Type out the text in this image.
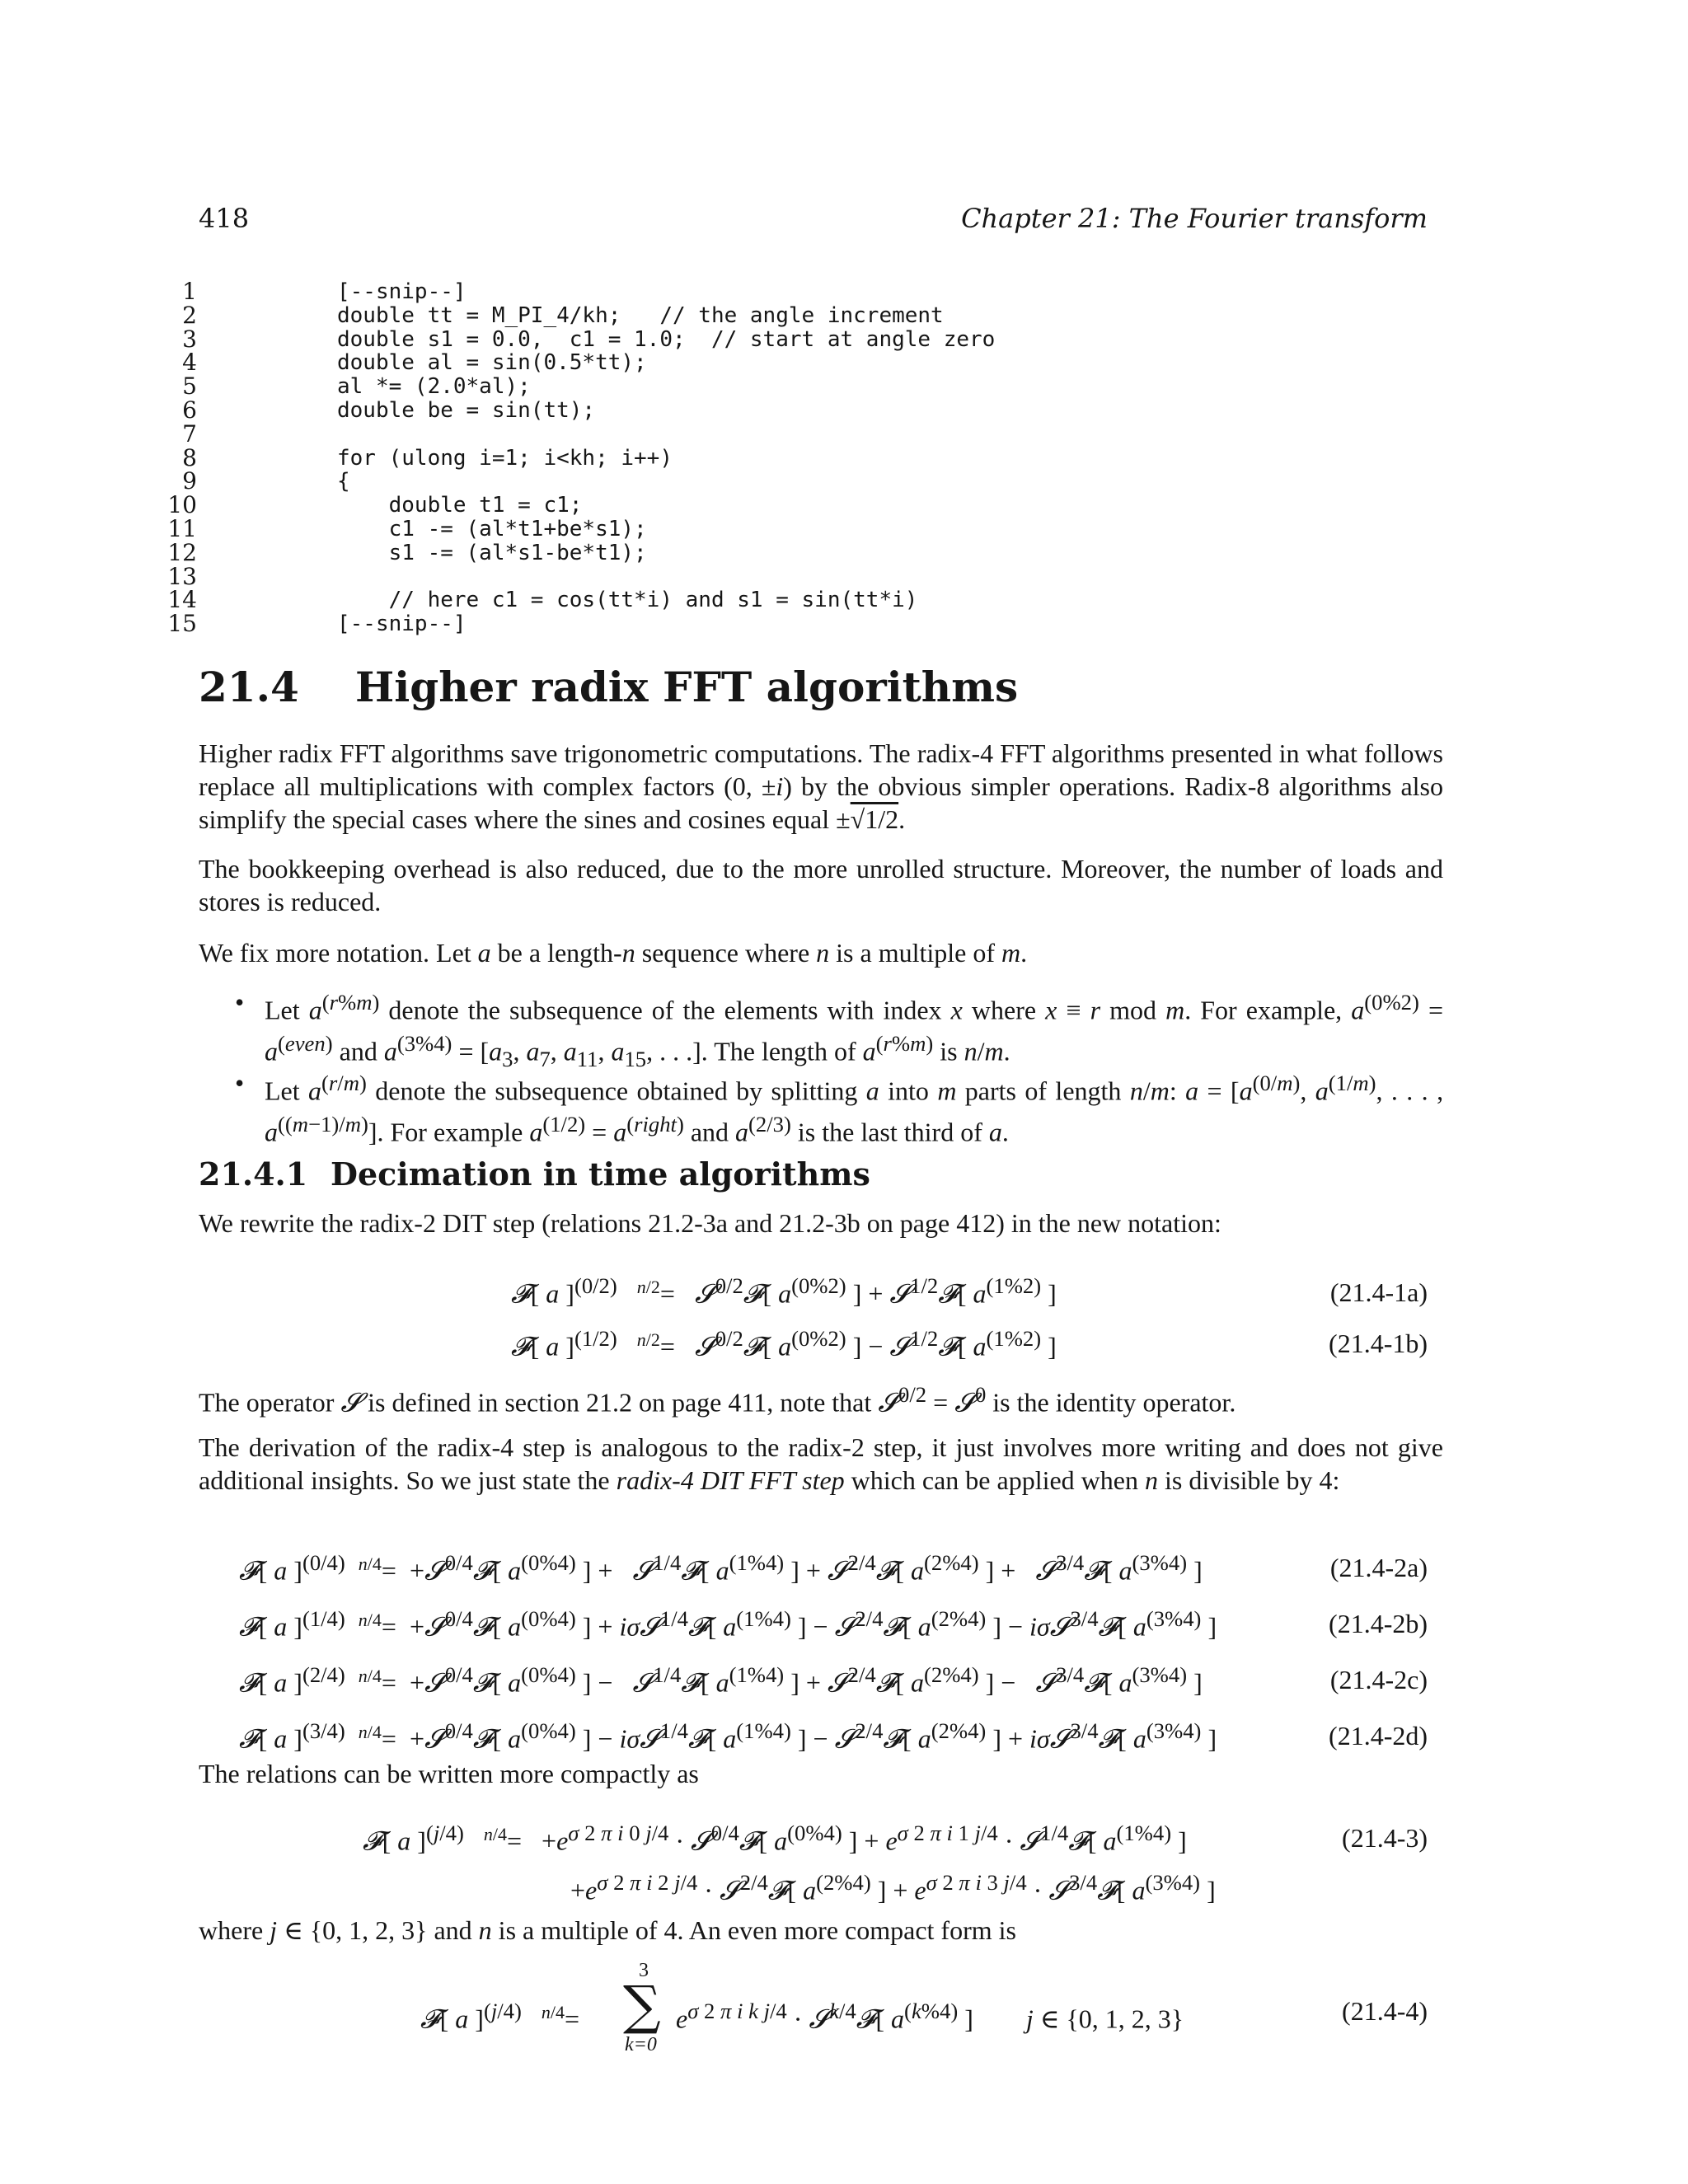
418	Chapter 21: The Fourier transform
1	[--snip--]
2	double tt = M_PI_4/kh;   // the angle increment
3	double s1 = 0.0,  c1 = 1.0;  // start at angle zero
4	double al = sin(0.5*tt);
5	al *= (2.0*al);
6	double be = sin(tt);
7
8	for (ulong i=1; i<kh; i++)
9	{
10	double t1 = c1;
11	c1 -= (al*t1+be*s1);
12	s1 -= (al*s1-be*t1);
13
14	// here c1 = cos(tt*i) and s1 = sin(tt*i)
15	[--snip--]
21.4 Higher radix FFT algorithms
Higher radix FFT algorithms save trigonometric computations. The radix-4 FFT algorithms presented in what follows replace all multiplications with complex factors (0, ±i) by the obvious simpler operations. Radix-8 algorithms also simplify the special cases where the sines and cosines equal ±√1/2.
The bookkeeping overhead is also reduced, due to the more unrolled structure. Moreover, the number of loads and stores is reduced.
We fix more notation. Let a be a length-n sequence where n is a multiple of m.
• Let $a^{(r\%m)}$ denote the subsequence of the elements with index x where x ≡ r mod m. For example, $a^{(0\%2)} = a^{(even)}$ and $a^{(3\%4)} = [a_3$, $a_7$, $a_{11}$, $a_{15}$, . . .]. The length of $a^{(r\%m)}$ is n/m.
• Let $a^{(r/m)}$ denote the subsequence obtained by splitting a into m parts of length n/m: $a = [a^{(0/m)}$, $a^{(1/m)}$, . . . , $a^{((m-1)/m)}$]. For example $a^{(1/2)} = a^{(right)}$ and $a^{(2/3)}$ is the last third of a.
21.4.1 Decimation in time algorithms
We rewrite the radix-2 DIT step (relations 21.2-3a and 21.2-3b on page 412) in the new notation:
𝓕[ a ]$^{(0/2)}$ $^{n/2}$=   𝓢$^{0/2}$𝓕[ $a^{(0\%2)}$ ] + 𝓢$^{1/2}$𝓕[ $a^{(1\%2)}$ ]	(21.4-1a)
𝓕[ a ]$^{(1/2)}$ $^{n/2}$=   𝓢$^{0/2}$𝓕[ $a^{(0\%2)}$ ] − 𝓢$^{1/2}$𝓕[ $a^{(1\%2)}$ ]	(21.4-1b)
The operator 𝓢 is defined in section 21.2 on page 411, note that 𝓢$^{0/2}$ = 𝓢$^0$ is the identity operator.
The derivation of the radix-4 step is analogous to the radix-2 step, it just involves more writing and does not give additional insights. So we just state the radix-4 DIT FFT step which can be applied when n is divisible by 4:
𝓕[ a ]$^{(0/4)}$ $^{n/4}$=  +𝓢$^{0/4}$𝓕[ $a^{(0\%4)}$ ] +   𝓢$^{1/4}$𝓕[ $a^{(1\%4)}$ ] + 𝓢$^{2/4}$𝓕[ $a^{(2\%4)}$ ] +   𝓢$^{3/4}$𝓕[ $a^{(3\%4)}$ ]	(21.4-2a)
𝓕[ a ]$^{(1/4)}$ $^{n/4}$=  +𝓢$^{0/4}$𝓕[ $a^{(0\%4)}$ ] + iσ𝓢$^{1/4}$𝓕[ $a^{(1\%4)}$ ] − 𝓢$^{2/4}$𝓕[ $a^{(2\%4)}$ ] − iσ𝓢$^{3/4}$𝓕[ $a^{(3\%4)}$ ]	(21.4-2b)
𝓕[ a ]$^{(2/4)}$ $^{n/4}$=  +𝓢$^{0/4}$𝓕[ $a^{(0\%4)}$ ] −   𝓢$^{1/4}$𝓕[ $a^{(1\%4)}$ ] + 𝓢$^{2/4}$𝓕[ $a^{(2\%4)}$ ] −   𝓢$^{3/4}$𝓕[ $a^{(3\%4)}$ ]	(21.4-2c)
𝓕[ a ]$^{(3/4)}$ $^{n/4}$=  +𝓢$^{0/4}$𝓕[ $a^{(0\%4)}$ ] − iσ𝓢$^{1/4}$𝓕[ $a^{(1\%4)}$ ] − 𝓢$^{2/4}$𝓕[ $a^{(2\%4)}$ ] + iσ𝓢$^{3/4}$𝓕[ $a^{(3\%4)}$ ]	(21.4-2d)
The relations can be written more compactly as
𝓕[ a ]$^{(j/4)}$ $^{n/4}= +e^{\sigma 2 \pi i 0 j/4}$ · 𝓢$^{0/4}$𝓕[ $a^{(0\%4)}$ ] + $e^{\sigma 2 \pi i 1 j/4}$ · 𝓢$^{1/4}$𝓕[ $a^{(1\%4)}$ ]	(21.4-3)
$+e^{\sigma 2 \pi i 2 j/4}$ · 𝓢$^{2/4}$𝓕[ $a^{(2\%4)}$ ] + $e^{\sigma 2 \pi i 3 j/4}$ · 𝓢$^{3/4}$𝓕[ $a^{(3\%4)}$ ]
where j ∈ {0, 1, 2, 3} and n is a multiple of 4. An even more compact form is
𝓕[ a ]$^{(j/4)}$ $^{n/4}$=
3
∑
k=0
$e^{\sigma 2 \pi i k j/4}$ · 𝓢$^{k/4}$𝓕[ $a^{(k\%4)}$ ]        j ∈ {0, 1, 2, 3}	(21.4-4)
